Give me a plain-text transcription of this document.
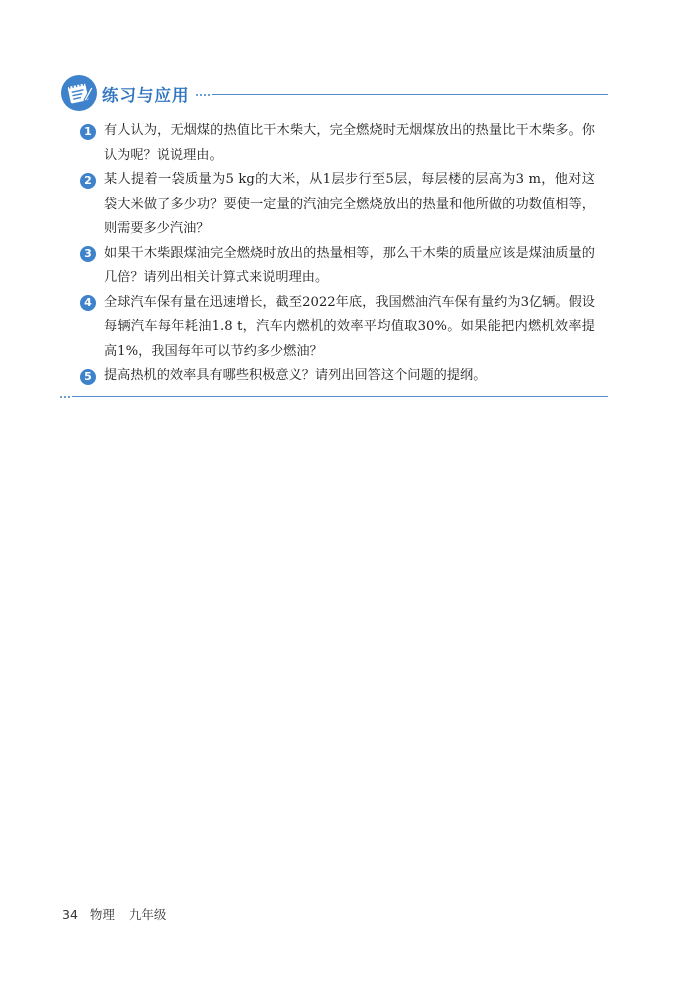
练习与应用
1 有人认为，无烟煤的热值比干木柴大，完全燃烧时无烟煤放出的热量比干木柴多。你认为呢？说说理由。
2 某人提着一袋质量为5 kg的大米，从1层步行至5层，每层楼的层高为3 m，他对这袋大米做了多少功？要使一定量的汽油完全燃烧放出的热量和他所做的功数值相等，则需要多少汽油？
3 如果干木柴跟煤油完全燃烧时放出的热量相等，那么干木柴的质量应该是煤油质量的几倍？请列出相关计算式来说明理由。
4 全球汽车保有量在迅速增长，截至2022年底，我国燃油汽车保有量约为3亿辆。假设每辆汽车每年耗油1.8 t，汽车内燃机的效率平均值取30%。如果能把内燃机效率提高1%，我国每年可以节约多少燃油？
5 提高热机的效率具有哪些积极意义？请列出回答这个问题的提纲。
34 物理 九年级
